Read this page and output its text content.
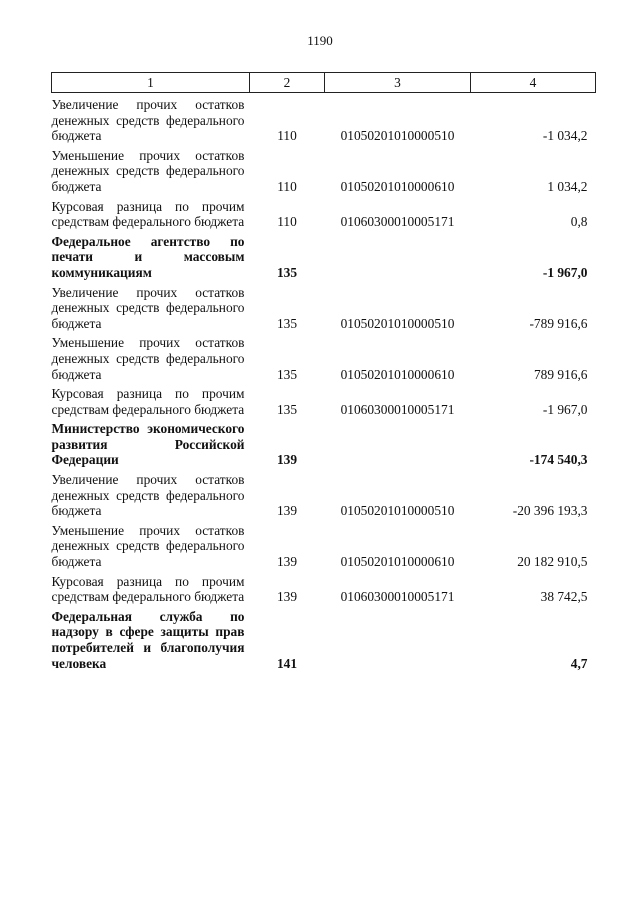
1190
1	2	3	4
Увеличение прочих остатков денежных средств федерального бюджета	110	01050201010000510	-1 034,2
Уменьшение прочих остатков денежных средств федерального бюджета	110	01050201010000610	1 034,2
Курсовая разница по прочим средствам федерального бюджета	110	01060300010005171	0,8
Федеральное агентство по печати и массовым коммуникациям	135		-1 967,0
Увеличение прочих остатков денежных средств федерального бюджета	135	01050201010000510	-789 916,6
Уменьшение прочих остатков денежных средств федерального бюджета	135	01050201010000610	789 916,6
Курсовая разница по прочим средствам федерального бюджета	135	01060300010005171	-1 967,0
Министерство экономического развития Российской Федерации	139		-174 540,3
Увеличение прочих остатков денежных средств федерального бюджета	139	01050201010000510	-20 396 193,3
Уменьшение прочих остатков денежных средств федерального бюджета	139	01050201010000610	20 182 910,5
Курсовая разница по прочим средствам федерального бюджета	139	01060300010005171	38 742,5
Федеральная служба по надзору в сфере защиты прав потребителей и благополучия человека	141		4,7
